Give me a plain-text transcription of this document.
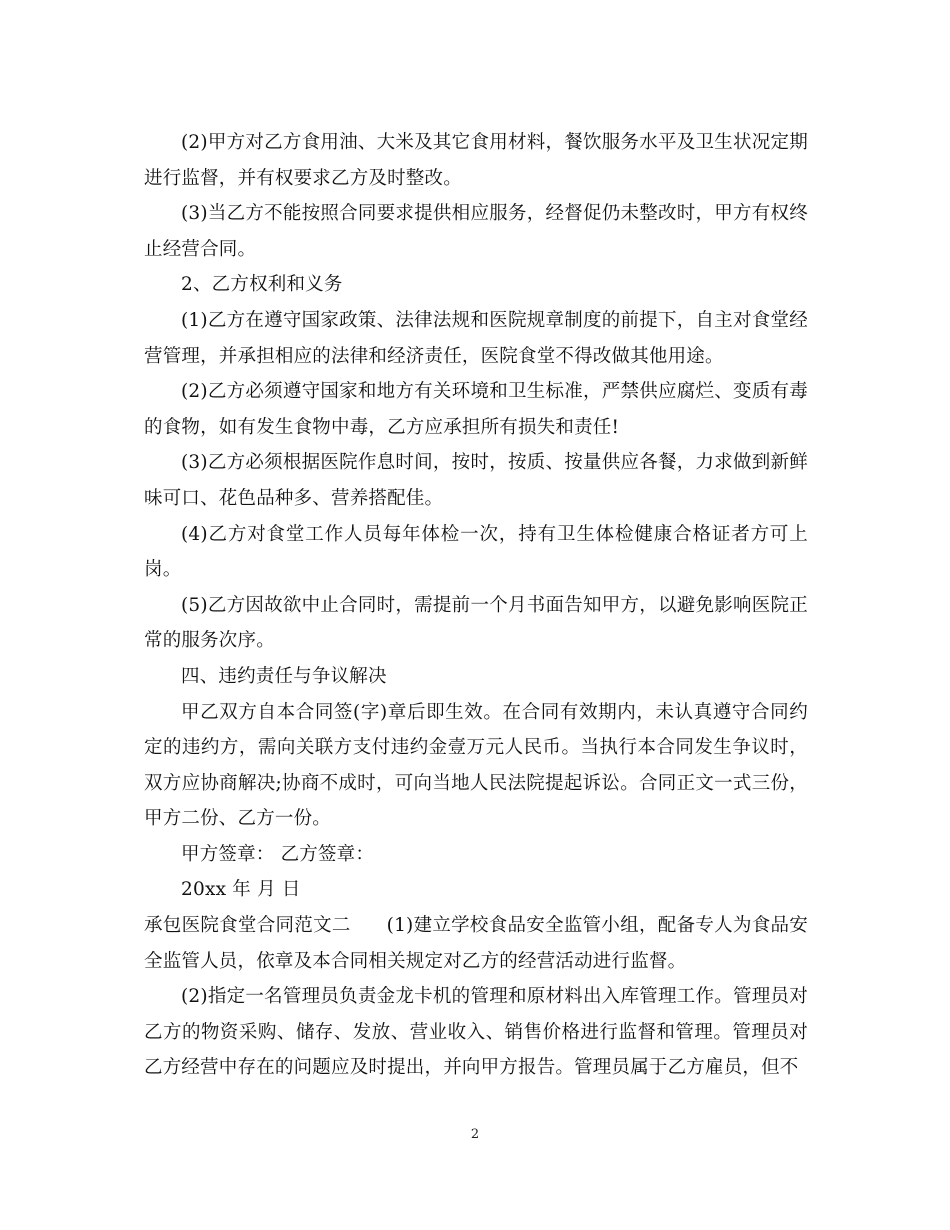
(2)甲方对乙方食用油、大米及其它食用材料，餐饮服务水平及卫生状况定期进行监督，并有权要求乙方及时整改。

(3)当乙方不能按照合同要求提供相应服务，经督促仍未整改时，甲方有权终止经营合同。

2、乙方权利和义务

(1)乙方在遵守国家政策、法律法规和医院规章制度的前提下，自主对食堂经营管理，并承担相应的法律和经济责任，医院食堂不得改做其他用途。

(2)乙方必须遵守国家和地方有关环境和卫生标准，严禁供应腐烂、变质有毒的食物，如有发生食物中毒，乙方应承担所有损失和责任!

(3)乙方必须根据医院作息时间，按时，按质、按量供应各餐，力求做到新鲜味可口、花色品种多、营养搭配佳。

(4)乙方对食堂工作人员每年体检一次，持有卫生体检健康合格证者方可上岗。

(5)乙方因故欲中止合同时，需提前一个月书面告知甲方，以避免影响医院正常的服务次序。

四、违约责任与争议解决

甲乙双方自本合同签(字)章后即生效。在合同有效期内，未认真遵守合同约定的违约方，需向关联方支付违约金壹万元人民币。当执行本合同发生争议时，双方应协商解决;协商不成时，可向当地人民法院提起诉讼。合同正文一式三份，甲方二份、乙方一份。

甲方签章： 乙方签章：

20xx 年 月 日

承包医院食堂合同范文二 (1)建立学校食品安全监管小组，配备专人为食品安全监管人员，依章及本合同相关规定对乙方的经营活动进行监督。

(2)指定一名管理员负责金龙卡机的管理和原材料出入库管理工作。管理员对乙方的物资采购、储存、发放、营业收入、销售价格进行监督和管理。管理员对乙方经营中存在的问题应及时提出，并向甲方报告。管理员属于乙方雇员，但不

2
